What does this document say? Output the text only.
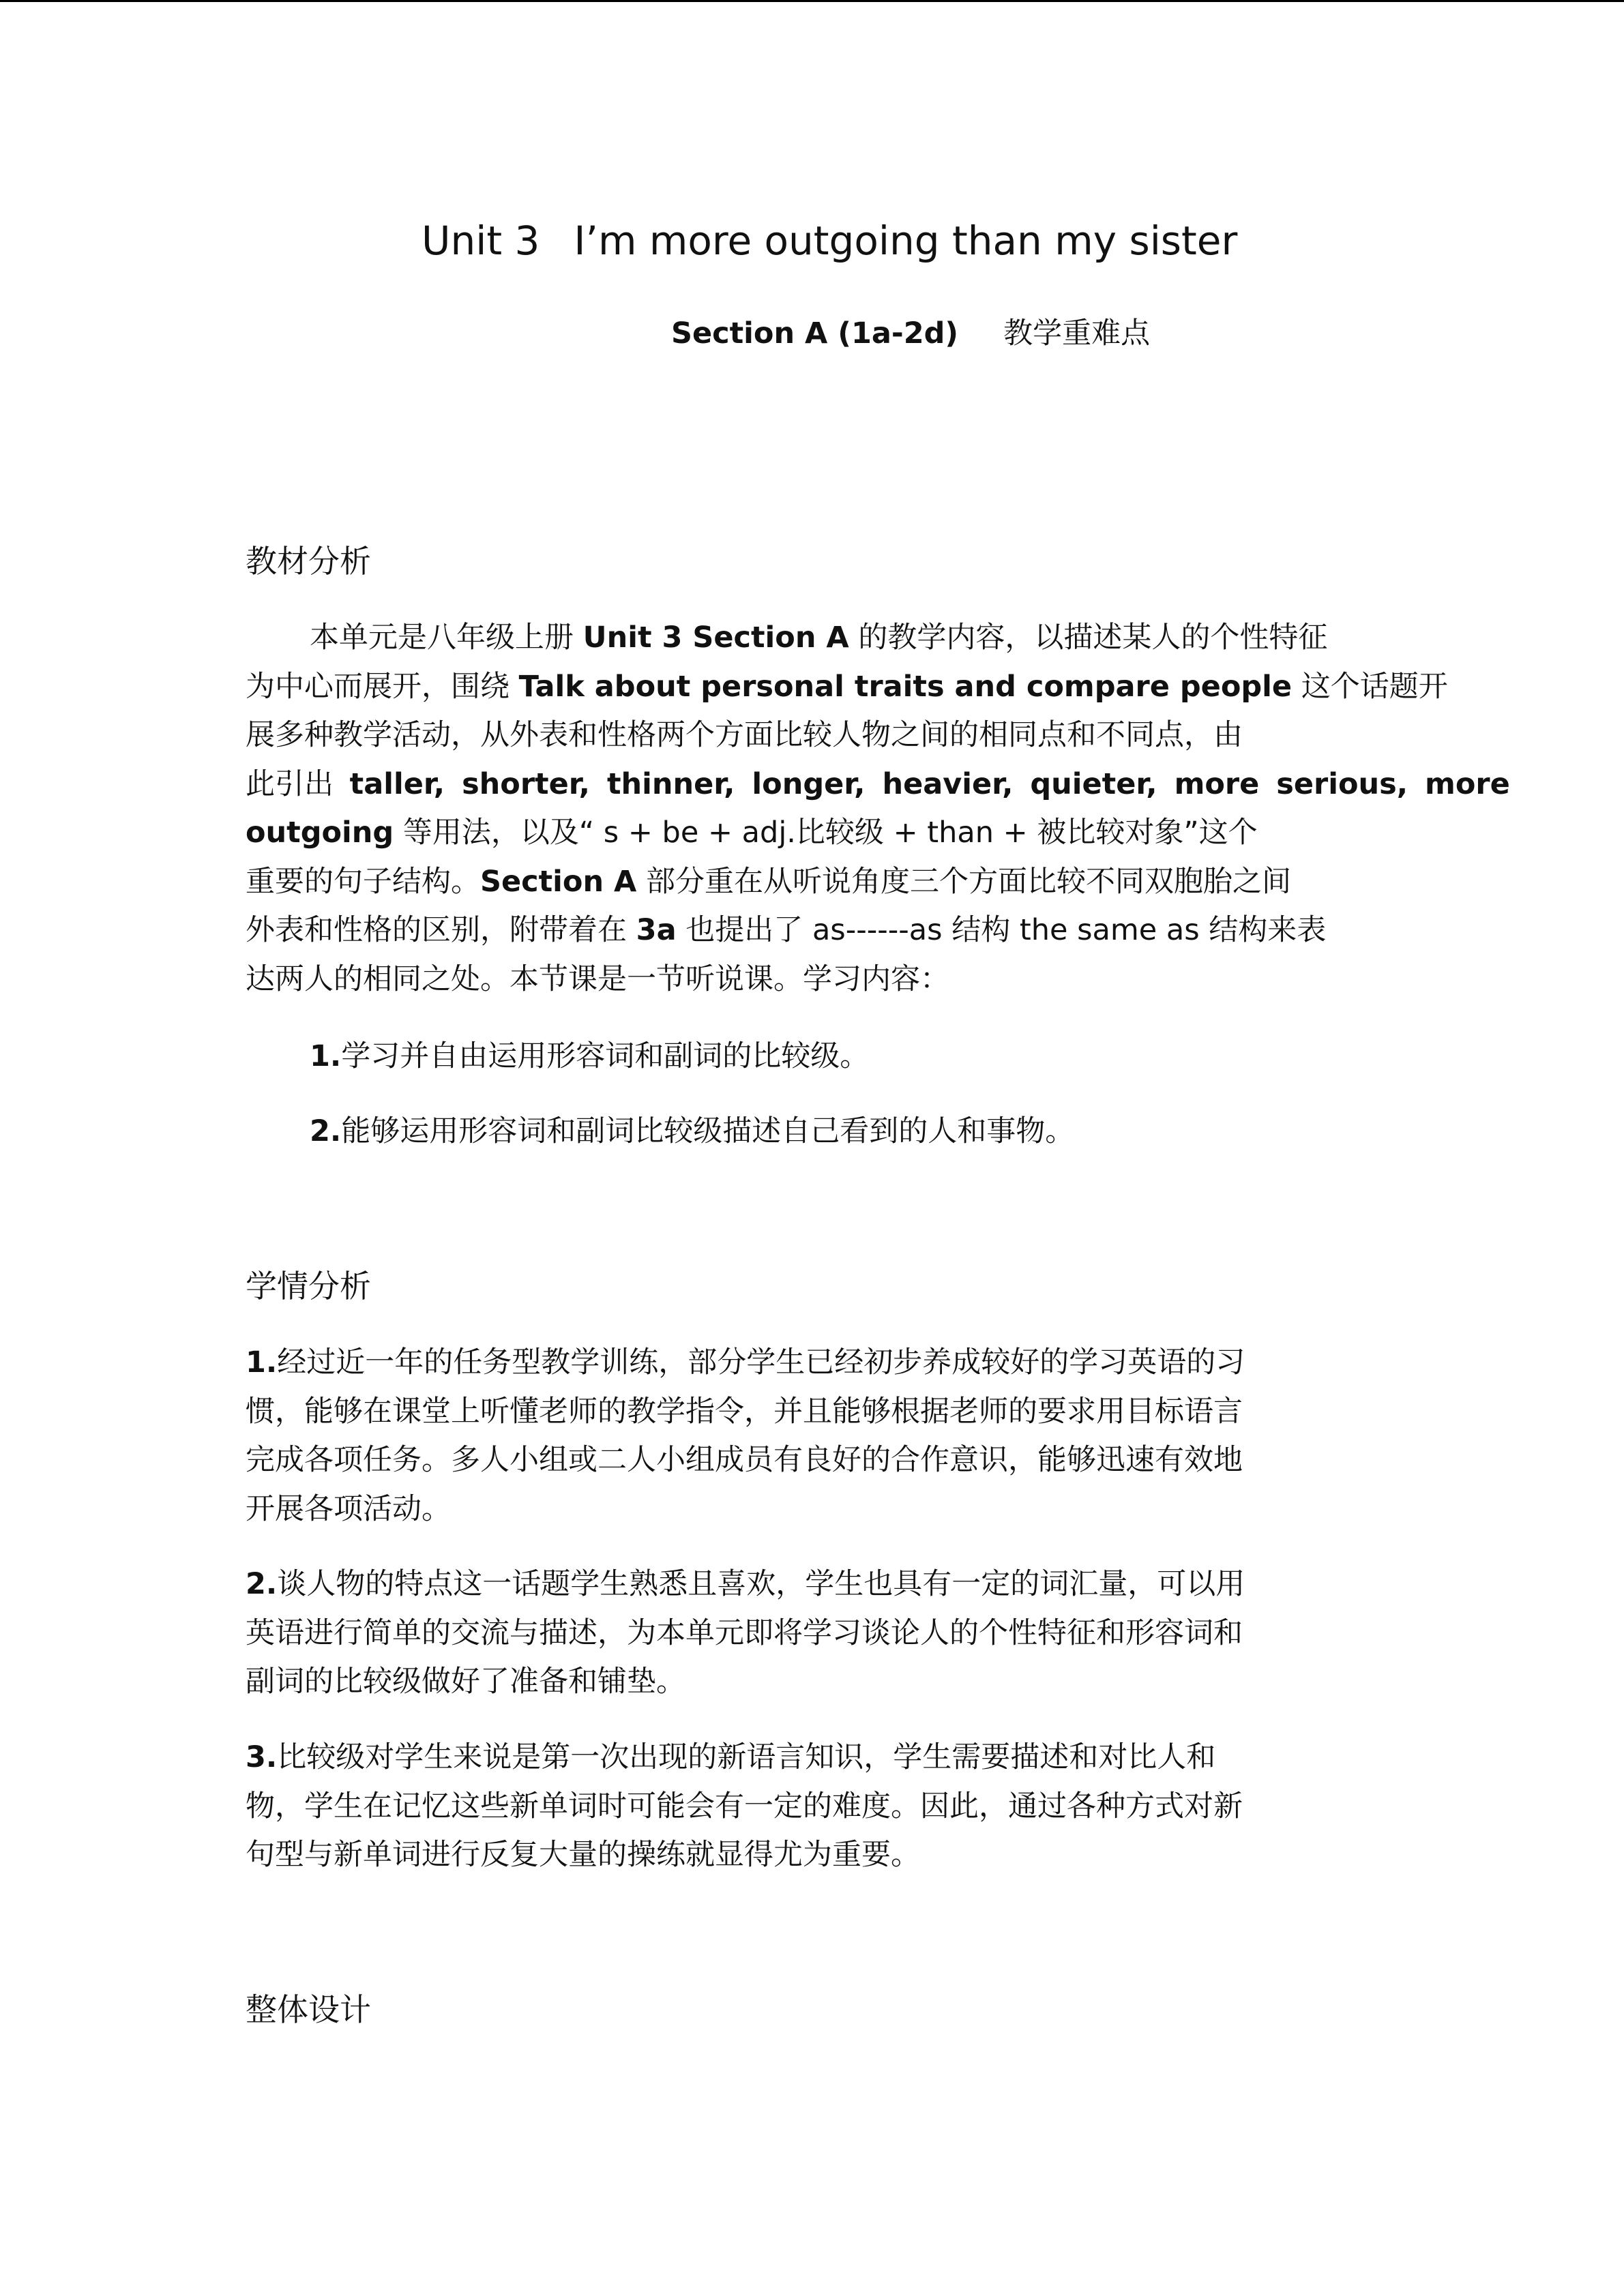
Unit 3 I’m more outgoing than my sister
Section A (1a-2d) 教学重难点
教材分析
本单元是八年级上册 Unit 3 Section A 的教学内容，以描述某人的个性特征
为中心而展开，围绕 Talk about personal traits and compare people 这个话题开
展多种教学活动，从外表和性格两个方面比较人物之间的相同点和不同点，由
此引出 taller, shorter, thinner, longer, heavier, quieter, more serious, more
outgoing 等用法，以及“ s + be + adj.比较级 + than + 被比较对象”这个
重要的句子结构。Section A 部分重在从听说角度三个方面比较不同双胞胎之间
外表和性格的区别，附带着在 3a 也提出了 as------as 结构 the same as 结构来表
达两人的相同之处。本节课是一节听说课。学习内容：

1.学习并自由运用形容词和副词的比较级。

2.能够运用形容词和副词比较级描述自己看到的人和事物。

学情分析
1.经过近一年的任务型教学训练，部分学生已经初步养成较好的学习英语的习
惯，能够在课堂上听懂老师的教学指令，并且能够根据老师的要求用目标语言
完成各项任务。多人小组或二人小组成员有良好的合作意识，能够迅速有效地
开展各项活动。
2.谈人物的特点这一话题学生熟悉且喜欢，学生也具有一定的词汇量，可以用
英语进行简单的交流与描述，为本单元即将学习谈论人的个性特征和形容词和
副词的比较级做好了准备和铺垫。
3.比较级对学生来说是第一次出现的新语言知识，学生需要描述和对比人和
物，学生在记忆这些新单词时可能会有一定的难度。因此，通过各种方式对新
句型与新单词进行反复大量的操练就显得尤为重要。
整体设计
